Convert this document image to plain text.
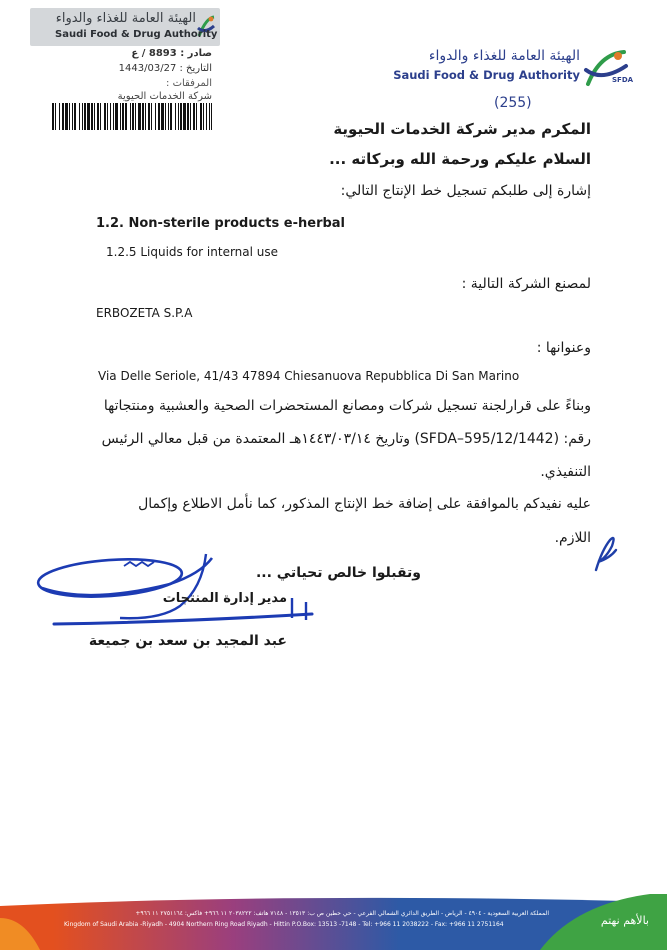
الهيئة العامة للغذاء والدواء
Saudi Food & Drug Authority
صادر : 8893 / ع
التاريخ : 1443/03/27
المرفقات :
شركة الخدمات الحيوية
الهيئة العامة للغذاء والدواء
Saudi Food & Drug Authority	SFDA
(255)
المكرم مدير شركة الخدمات الحيوية
السلام عليكم ورحمة الله وبركاته ...
إشارة إلى طلبكم تسجيل خط الإنتاج التالي:
1.2. Non-sterile products e-herbal
1.2.5 Liquids for internal use
لمصنع الشركة التالية :
ERBOZETA S.P.A
وعنوانها :
Via Delle Seriole, 41/43 47894 Chiesanuova Repubblica Di San Marino
وبناءً على قرارلجنة تسجيل شركات ومصانع المستحضرات الصحية والعشبية ومنتجاتها
رقم: (1442/SFDA–595/12) وتاريخ ١٤٤٣/٠٣/١٤هـ المعتمدة من قبل معالي الرئيس
التنفيذي.
عليه نفيدكم بالموافقة على إضافة خط الإنتاج المذكور، كما نأمل الاطلاع وإكمال
اللازم.
وتقبلوا خالص تحياتي ...
مدير إدارة المنتجات
عبد المجيد بن سعد بن جميعة
المملكة العربية السعودية - ٤٩٠٤ - الرياض - الطريق الدائري الشمالي الفرعي - حي حطين ص ب: ١٣٥١٣ - ٧١٤٨ هاتف: ٢٠٣٨٢٢٢ ١١ ٩٦٦+ فاكس: ٢٧٥١١٦٤ ١١ ٩٦٦+
Kingdom of Saudi Arabia -Riyadh - 4904 Northern Ring Road Riyadh - Hittin P.O.Box: 13513 -7148 - Tel: +966 11 2038222 - Fax: +966 11 2751164	بالأهم نهتم
